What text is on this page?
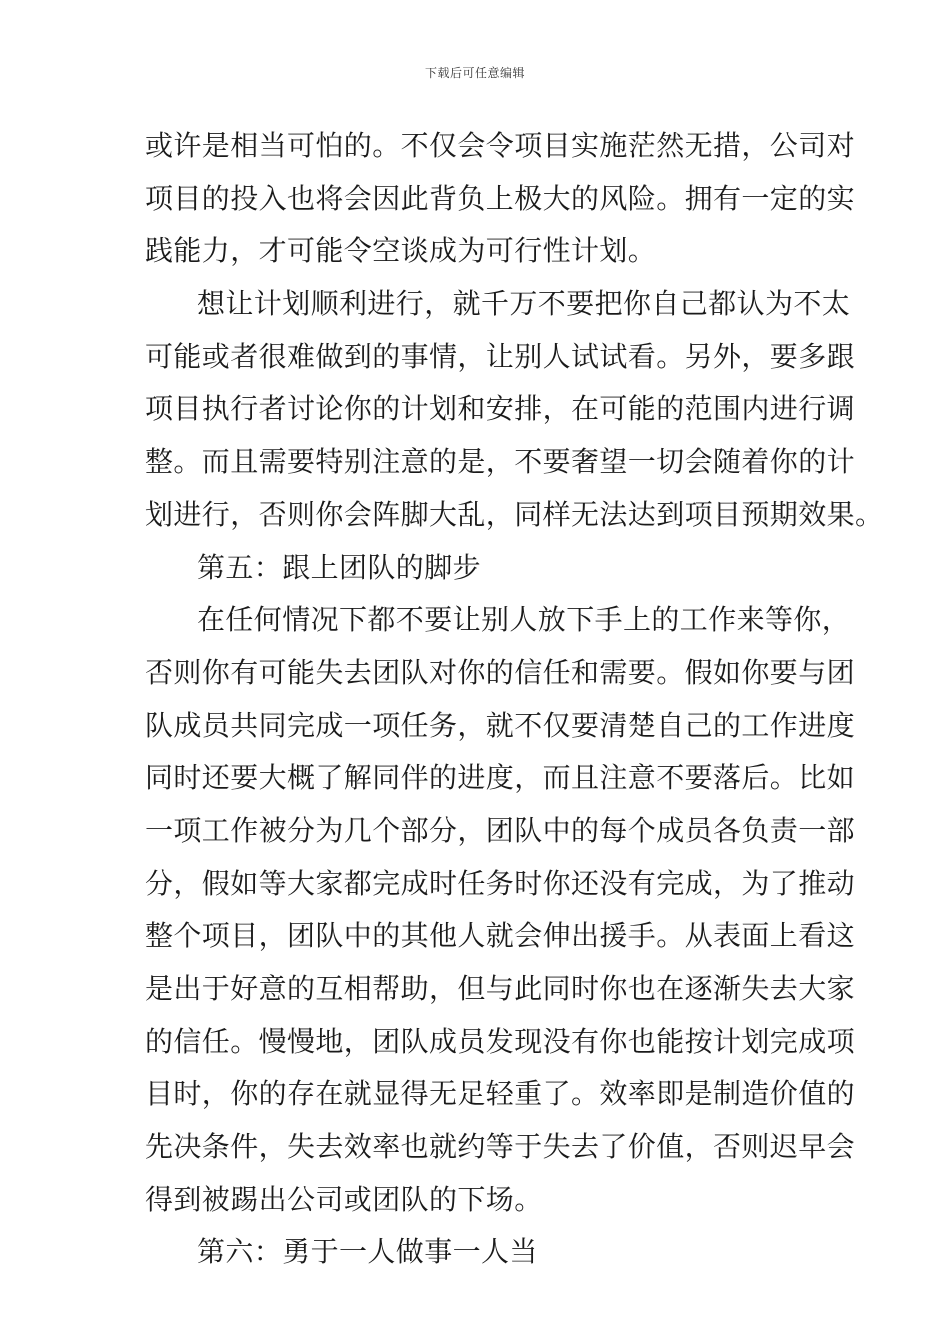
下载后可任意编辑
或许是相当可怕的。不仅会令项目实施茫然无措，公司对
项目的投入也将会因此背负上极大的风险。拥有一定的实
践能力，才可能令空谈成为可行性计划。
想让计划顺利进行，就千万不要把你自己都认为不太
可能或者很难做到的事情，让别人试试看。另外，要多跟
项目执行者讨论你的计划和安排，在可能的范围内进行调
整。而且需要特别注意的是，不要奢望一切会随着你的计
划进行，否则你会阵脚大乱，同样无法达到项目预期效果。
第五：跟上团队的脚步
在任何情况下都不要让别人放下手上的工作来等你，
否则你有可能失去团队对你的信任和需要。假如你要与团
队成员共同完成一项任务，就不仅要清楚自己的工作进度
同时还要大概了解同伴的进度，而且注意不要落后。比如
一项工作被分为几个部分，团队中的每个成员各负责一部
分，假如等大家都完成时任务时你还没有完成，为了推动
整个项目，团队中的其他人就会伸出援手。从表面上看这
是出于好意的互相帮助，但与此同时你也在逐渐失去大家
的信任。慢慢地，团队成员发现没有你也能按计划完成项
目时，你的存在就显得无足轻重了。效率即是制造价值的
先决条件，失去效率也就约等于失去了价值，否则迟早会
得到被踢出公司或团队的下场。
第六：勇于一人做事一人当
